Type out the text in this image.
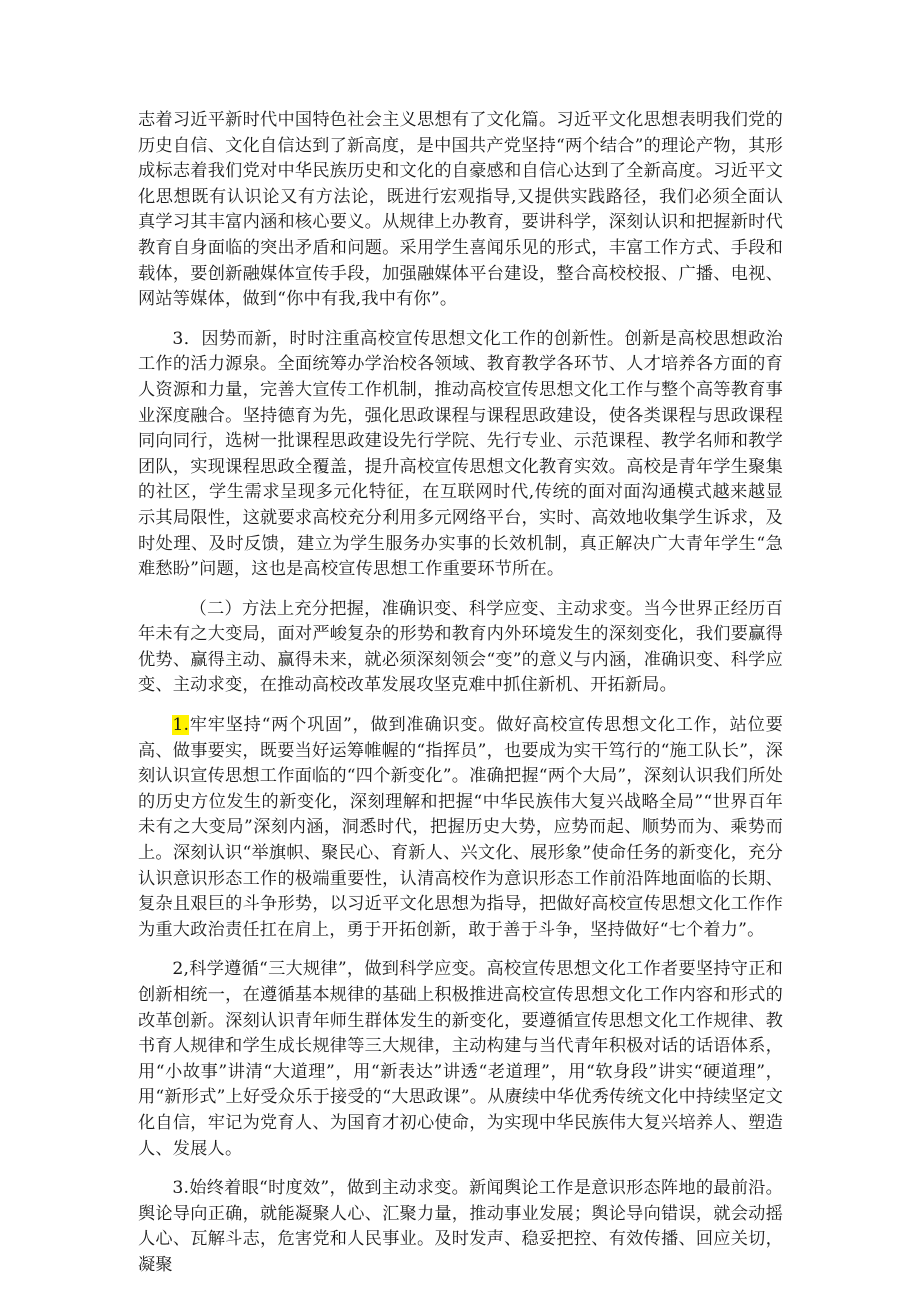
志着习近平新时代中国特色社会主义思想有了文化篇。习近平文化思想表明我们党的历史自信、文化自信达到了新高度，是中国共产党坚持“两个结合”的理论产物，其形成标志着我们党对中华民族历史和文化的自豪感和自信心达到了全新高度。习近平文化思想既有认识论又有方法论，既进行宏观指导,又提供实践路径，我们必须全面认真学习其丰富内涵和核心要义。从规律上办教育，要讲科学，深刻认识和把握新时代教育自身面临的突出矛盾和问题。采用学生喜闻乐见的形式，丰富工作方式、手段和载体，要创新融媒体宣传手段，加强融媒体平台建设，整合高校校报、广播、电视、网站等媒体，做到“你中有我,我中有你”。

3．因势而新，时时注重高校宣传思想文化工作的创新性。创新是高校思想政治工作的活力源泉。全面统筹办学治校各领域、教育教学各环节、人才培养各方面的育人资源和力量，完善大宣传工作机制，推动高校宣传思想文化工作与整个高等教育事业深度融合。坚持德育为先，强化思政课程与课程思政建设，使各类课程与思政课程同向同行，选树一批课程思政建设先行学院、先行专业、示范课程、教学名师和教学团队，实现课程思政全覆盖，提升高校宣传思想文化教育实效。高校是青年学生聚集的社区，学生需求呈现多元化特征，在互联网时代,传统的面对面沟通模式越来越显示其局限性，这就要求高校充分利用多元网络平台，实时、高效地收集学生诉求，及时处理、及时反馈，建立为学生服务办实事的长效机制，真正解决广大青年学生“急难愁盼”问题，这也是高校宣传思想工作重要环节所在。

（二）方法上充分把握，准确识变、科学应变、主动求变。当今世界正经历百年未有之大变局，面对严峻复杂的形势和教育内外环境发生的深刻变化，我们要赢得优势、赢得主动、赢得未来，就必须深刻领会“变”的意义与内涵，准确识变、科学应变、主动求变，在推动高校改革发展攻坚克难中抓住新机、开拓新局。

1.牢牢坚持“两个巩固”，做到准确识变。做好高校宣传思想文化工作，站位要高、做事要实，既要当好运筹帷幄的“指挥员”，也要成为实干笃行的“施工队长”，深刻认识宣传思想工作面临的“四个新变化”。准确把握“两个大局”，深刻认识我们所处的历史方位发生的新变化，深刻理解和把握“中华民族伟大复兴战略全局”“世界百年未有之大变局”深刻内涵，洞悉时代，把握历史大势，应势而起、顺势而为、乘势而上。深刻认识“举旗帜、聚民心、育新人、兴文化、展形象”使命任务的新变化，充分认识意识形态工作的极端重要性，认清高校作为意识形态工作前沿阵地面临的长期、复杂且艰巨的斗争形势，以习近平文化思想为指导，把做好高校宣传思想文化工作作为重大政治责任扛在肩上，勇于开拓创新，敢于善于斗争，坚持做好“七个着力”。

2,科学遵循“三大规律”，做到科学应变。高校宣传思想文化工作者要坚持守正和创新相统一，在遵循基本规律的基础上积极推进高校宣传思想文化工作内容和形式的改革创新。深刻认识青年师生群体发生的新变化，要遵循宣传思想文化工作规律、教书育人规律和学生成长规律等三大规律，主动构建与当代青年积极对话的话语体系，用“小故事”讲清“大道理”，用“新表达”讲透“老道理”，用“软身段”讲实“硬道理”，用“新形式”上好受众乐于接受的“大思政课”。从赓续中华优秀传统文化中持续坚定文化自信，牢记为党育人、为国育才初心使命，为实现中华民族伟大复兴培养人、塑造人、发展人。

3.始终着眼“时度效”，做到主动求变。新闻舆论工作是意识形态阵地的最前沿。舆论导向正确，就能凝聚人心、汇聚力量，推动事业发展；舆论导向错误，就会动摇人心、瓦解斗志，危害党和人民事业。及时发声、稳妥把控、有效传播、回应关切，凝聚
